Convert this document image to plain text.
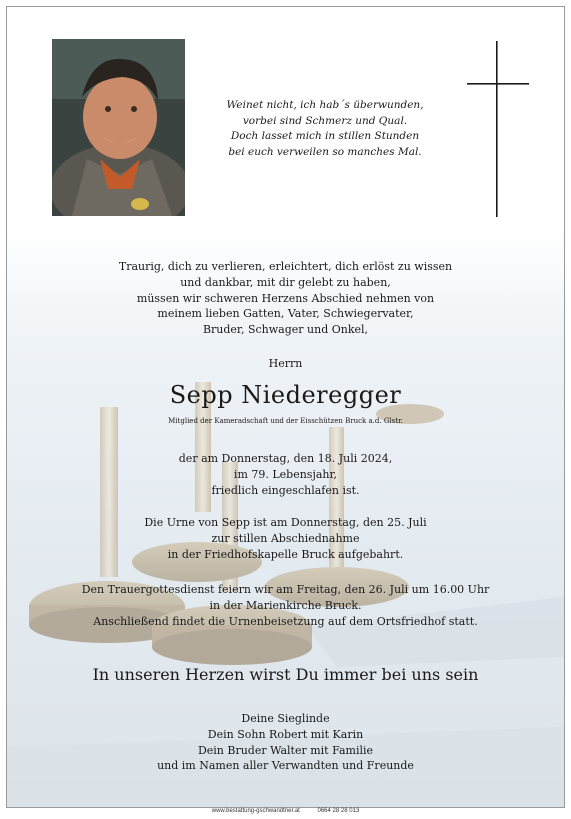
Weinet nicht, ich hab´s überwunden,
vorbei sind Schmerz und Qual.
Doch lasset mich in stillen Stunden
bei euch verweilen so manches Mal.
Traurig, dich zu verlieren, erleichtert, dich erlöst zu wissen
und dankbar, mit dir gelebt zu haben,
müssen wir schweren Herzens Abschied nehmen von
meinem lieben Gatten, Vater, Schwiegervater,
Bruder, Schwager und Onkel,
Herrn
Sepp Niederegger
Mitglied der Kameradschaft und der Eisschützen Bruck a.d. Glstr.
der am Donnerstag, den 18. Juli 2024,
im 79. Lebensjahr,
friedlich eingeschlafen ist.
Die Urne von Sepp ist am Donnerstag, den 25. Juli
zur stillen Abschiednahme
in der Friedhofskapelle Bruck aufgebahrt.
Den Trauergottesdienst feiern wir am Freitag, den 26. Juli um 16.00 Uhr
in der Marienkirche Bruck.
Anschließend findet die Urnenbeisetzung auf dem Ortsfriedhof statt.
In unseren Herzen wirst Du immer bei uns sein
Deine Sieglinde
Dein Sohn Robert mit Karin
Dein Bruder Walter mit Familie
und im Namen aller Verwandten und Freunde
www.bestattung-gschwandtner.at	0664 28 28 013
